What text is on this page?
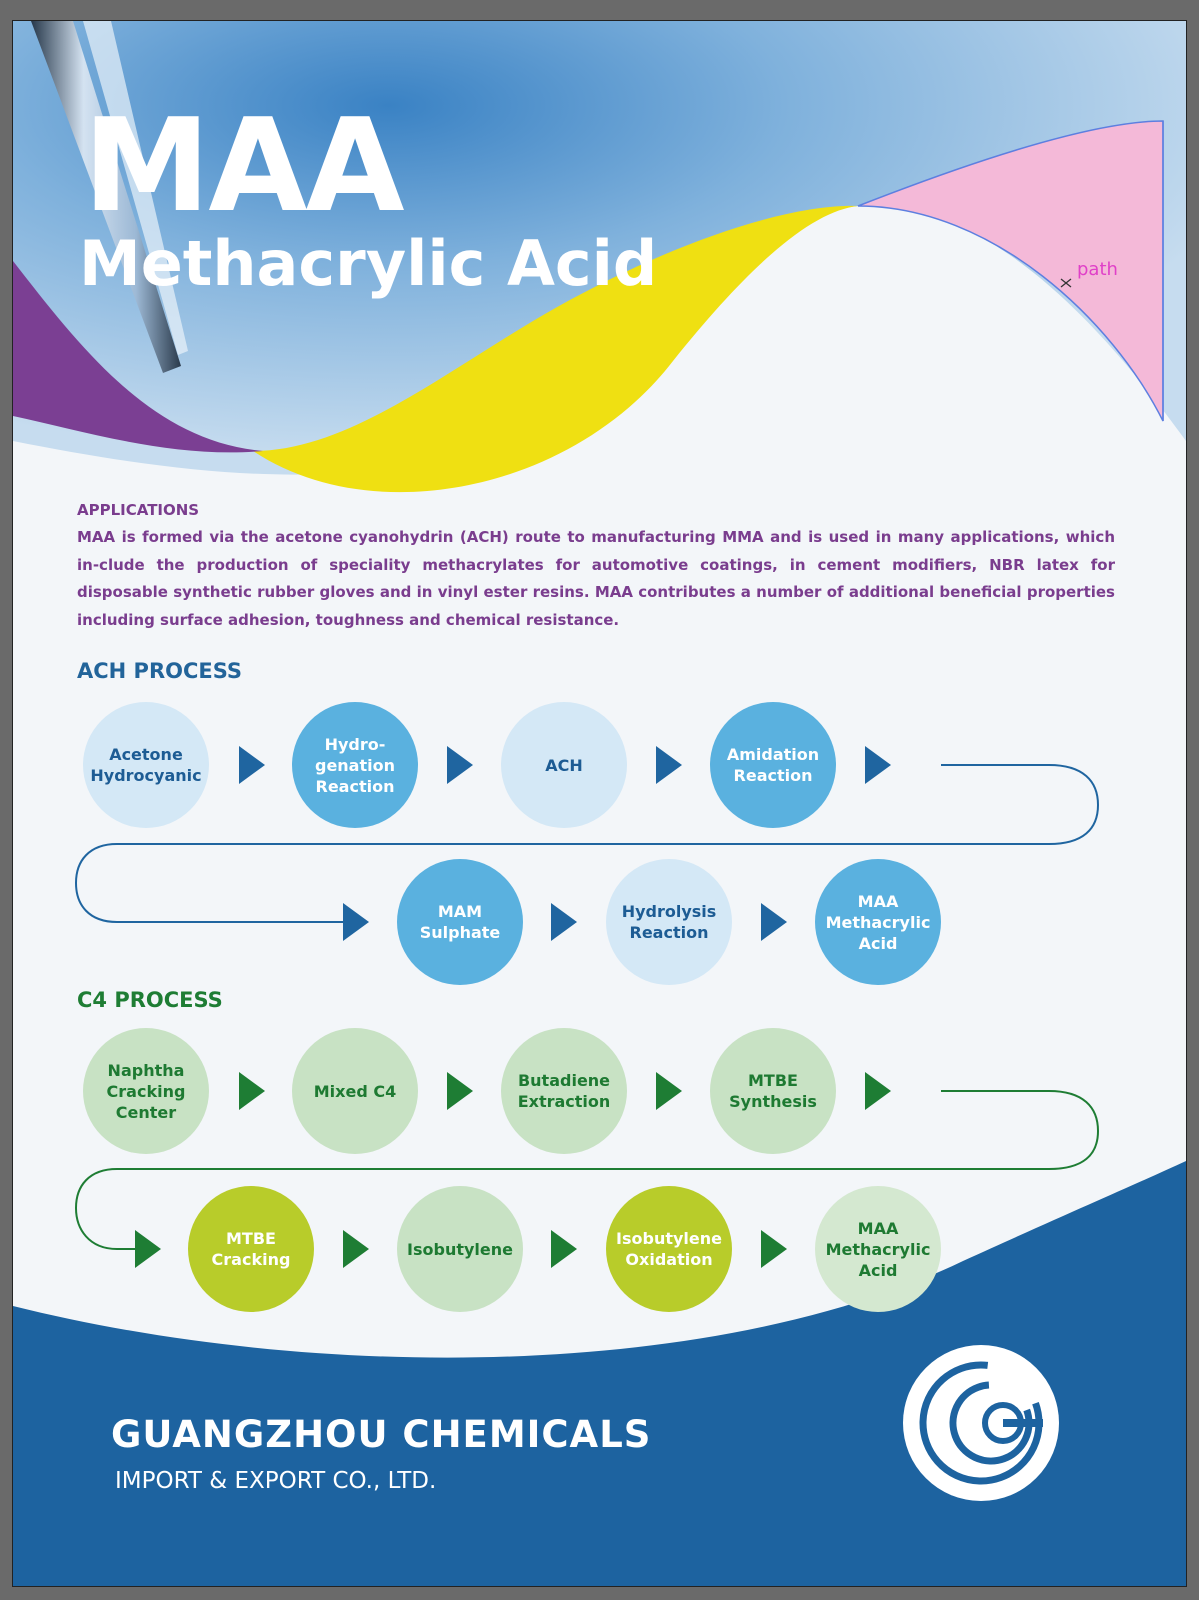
MAA
Methacrylic Acid	path
APPLICATIONS
MAA is formed via the acetone cyanohydrin (ACH) route to manufacturing MMA and is used in many applications, which in-clude the production of speciality methacrylates for automotive coatings, in cement modifiers, NBR latex for disposable synthetic rubber gloves and in vinyl ester resins. MAA contributes a number of additional beneficial properties including surface adhesion, toughness and chemical resistance.
ACH PROCESS
Acetone
Hydrocyanic
Hydro-
genation
Reaction
ACH
Amidation
Reaction
MAM
Sulphate
Hydrolysis
Reaction
MAA
Methacrylic
Acid
C4 PROCESS
Naphtha
Cracking
Center
Mixed C4
Butadiene
Extraction
MTBE
Synthesis
MTBE
Cracking
Isobutylene
Isobutylene
Oxidation
MAA
Methacrylic
Acid
GUANGZHOU CHEMICALS
IMPORT & EXPORT CO., LTD.
